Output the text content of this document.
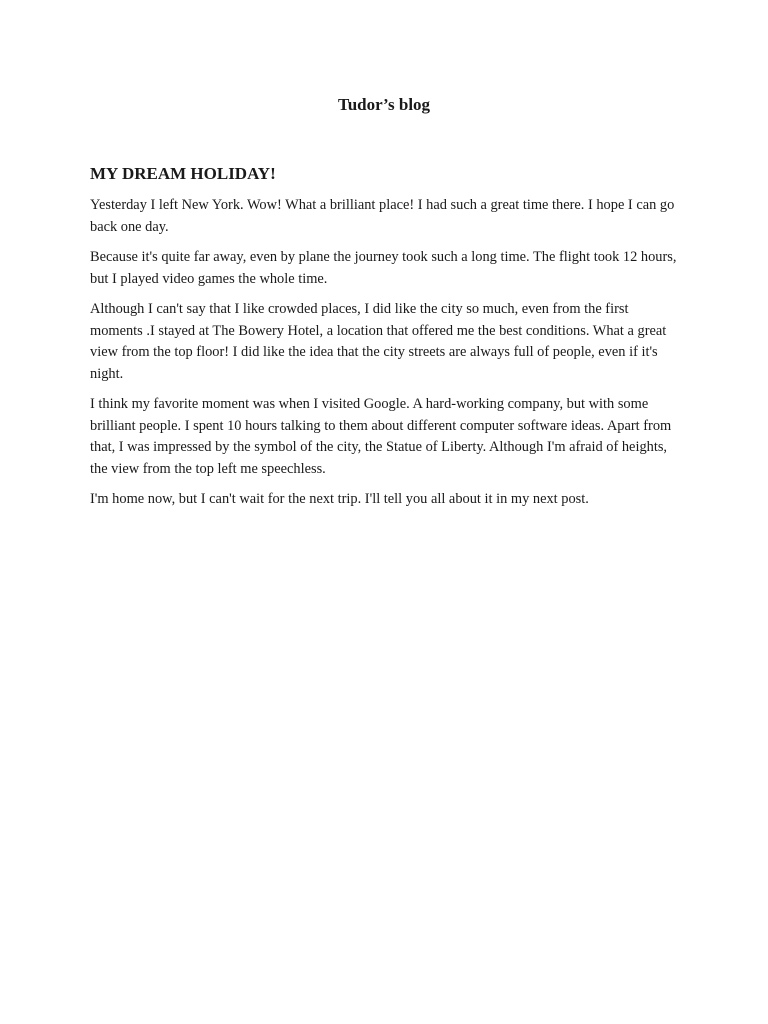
Tudor’s blog
MY DREAM HOLIDAY!

Yesterday I left New York. Wow! What a brilliant place! I had such a great time there. I hope I can go back one day.

Because it's quite far away, even by plane the journey took such a long time. The flight took 12 hours, but I played video games the whole time.

Although I can't say that I like crowded places, I did like the city so much, even from the first moments .I stayed at The Bowery Hotel, a location that offered me the best conditions. What a great view from the top floor! I did like the idea that the city streets are always full of people, even if it's night.

I think my favorite moment was when I visited Google. A hard-working company, but with some brilliant people. I spent 10 hours talking to them about different computer software ideas. Apart from that, I was impressed by the symbol of the city, the Statue of Liberty. Although I'm afraid of heights, the view from the top left me speechless.

I'm home now, but I can't wait for the next trip. I'll tell you all about it in my next post.
